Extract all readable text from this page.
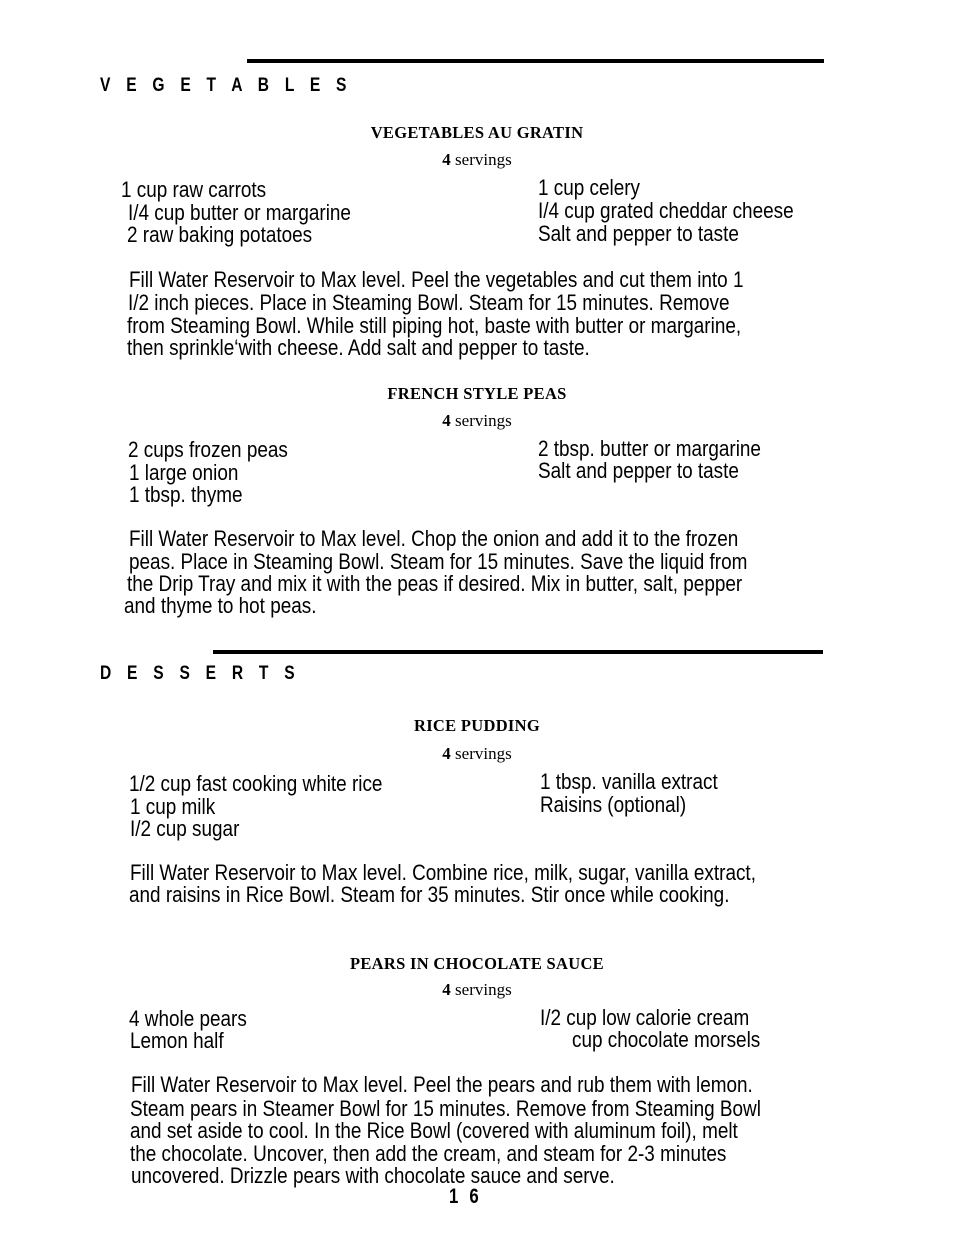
V E G E T A B L E S
VEGETABLES AU GRATIN
4 servings
1 cup raw carrots
I/4 cup butter or margarine
2 raw baking potatoes
1 cup celery
I/4 cup grated cheddar cheese
Salt and pepper to taste
Fill Water Reservoir to Max level. Peel the vegetables and cut them into 1
I/2 inch pieces. Place in Steaming Bowl. Steam for 15 minutes. Remove
from Steaming Bowl. While still piping hot, baste with butter or margarine,
then sprinkle‘with cheese. Add salt and pepper to taste.
FRENCH STYLE PEAS
4 servings
2 cups frozen peas
1 large onion
1 tbsp. thyme
2 tbsp. butter or margarine
Salt and pepper to taste
Fill Water Reservoir to Max level. Chop the onion and add it to the frozen
peas. Place in Steaming Bowl. Steam for 15 minutes. Save the liquid from
the Drip Tray and mix it with the peas if desired. Mix in butter, salt, pepper
and thyme to hot peas.
D E S S E R T S
RICE PUDDING
4 servings
1/2 cup fast cooking white rice
1 cup milk
I/2 cup sugar
1 tbsp. vanilla extract
Raisins (optional)
Fill Water Reservoir to Max level. Combine rice, milk, sugar, vanilla extract,
and raisins in Rice Bowl. Steam for 35 minutes. Stir once while cooking.
PEARS IN CHOCOLATE SAUCE
4 servings
4 whole pears
Lemon half
I/2 cup low calorie cream
cup chocolate morsels
Fill Water Reservoir to Max level. Peel the pears and rub them with lemon.
Steam pears in Steamer Bowl for 15 minutes. Remove from Steaming Bowl
and set aside to cool. In the Rice Bowl (covered with aluminum foil), melt
the chocolate. Uncover, then add the cream, and steam for 2-3 minutes
uncovered. Drizzle pears with chocolate sauce and serve.
1 6
